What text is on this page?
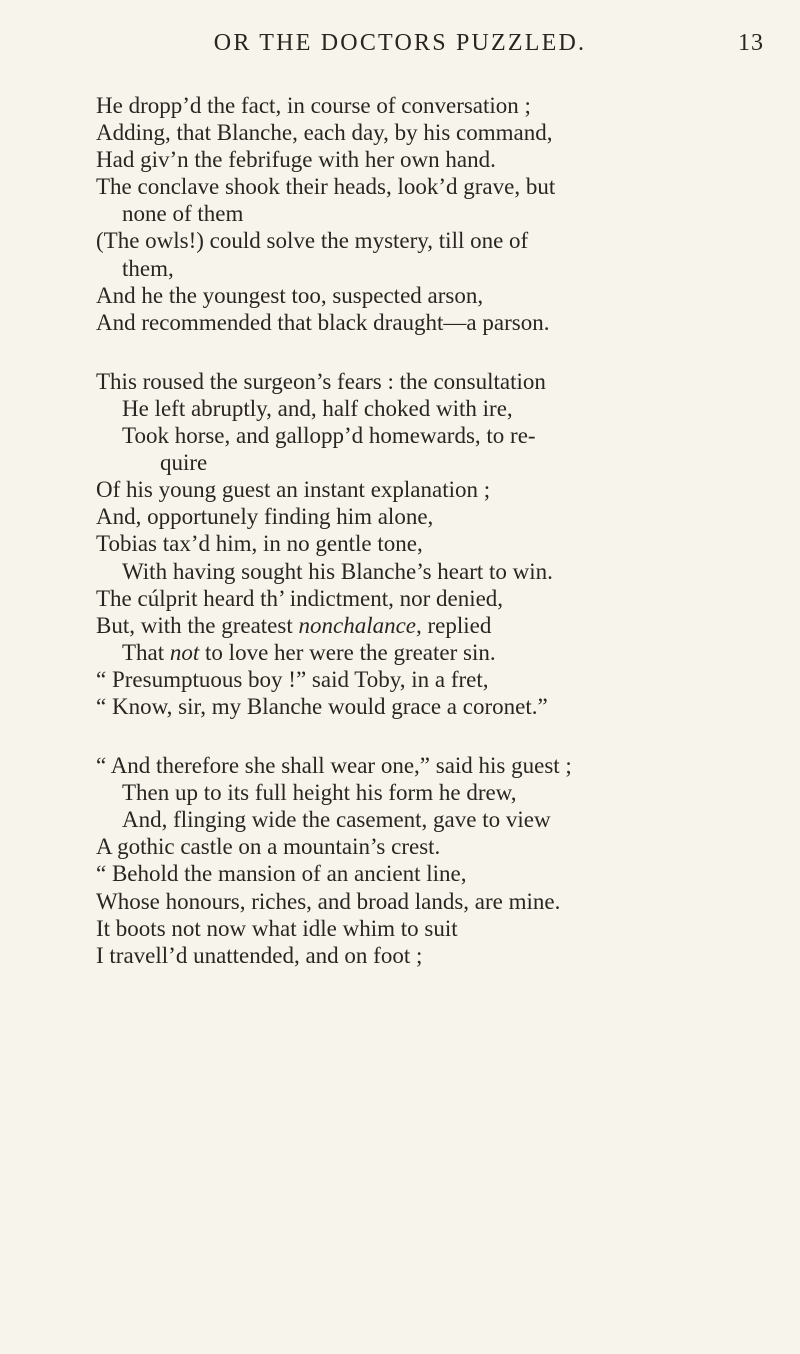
OR THE DOCTORS PUZZLED.	13
He dropp’d the fact, in course of conversation ;
Adding, that Blanche, each day, by his command,
Had giv’n the febrifuge with her own hand.
The conclave shook their heads, look’d grave, but
none of them
(The owls!) could solve the mystery, till one of
them,
And he the youngest too, suspected arson,
And recommended that black draught—a parson.
This roused the surgeon’s fears : the consultation
He left abruptly, and, half choked with ire,
Took horse, and gallopp’d homewards, to re-
quire
Of his young guest an instant explanation ;
And, opportunely finding him alone,
Tobias tax’d him, in no gentle tone,
With having sought his Blanche’s heart to win.
The cúlprit heard th’ indictment, nor denied,
But, with the greatest nonchalance, replied
That not to love her were the greater sin.
“ Presumptuous boy !” said Toby, in a fret,
“ Know, sir, my Blanche would grace a coronet.”
“ And therefore she shall wear one,” said his guest ;
Then up to its full height his form he drew,
And, flinging wide the casement, gave to view
A gothic castle on a mountain’s crest.
“ Behold the mansion of an ancient line,
Whose honours, riches, and broad lands, are mine.
It boots not now what idle whim to suit
I travell’d unattended, and on foot ;
